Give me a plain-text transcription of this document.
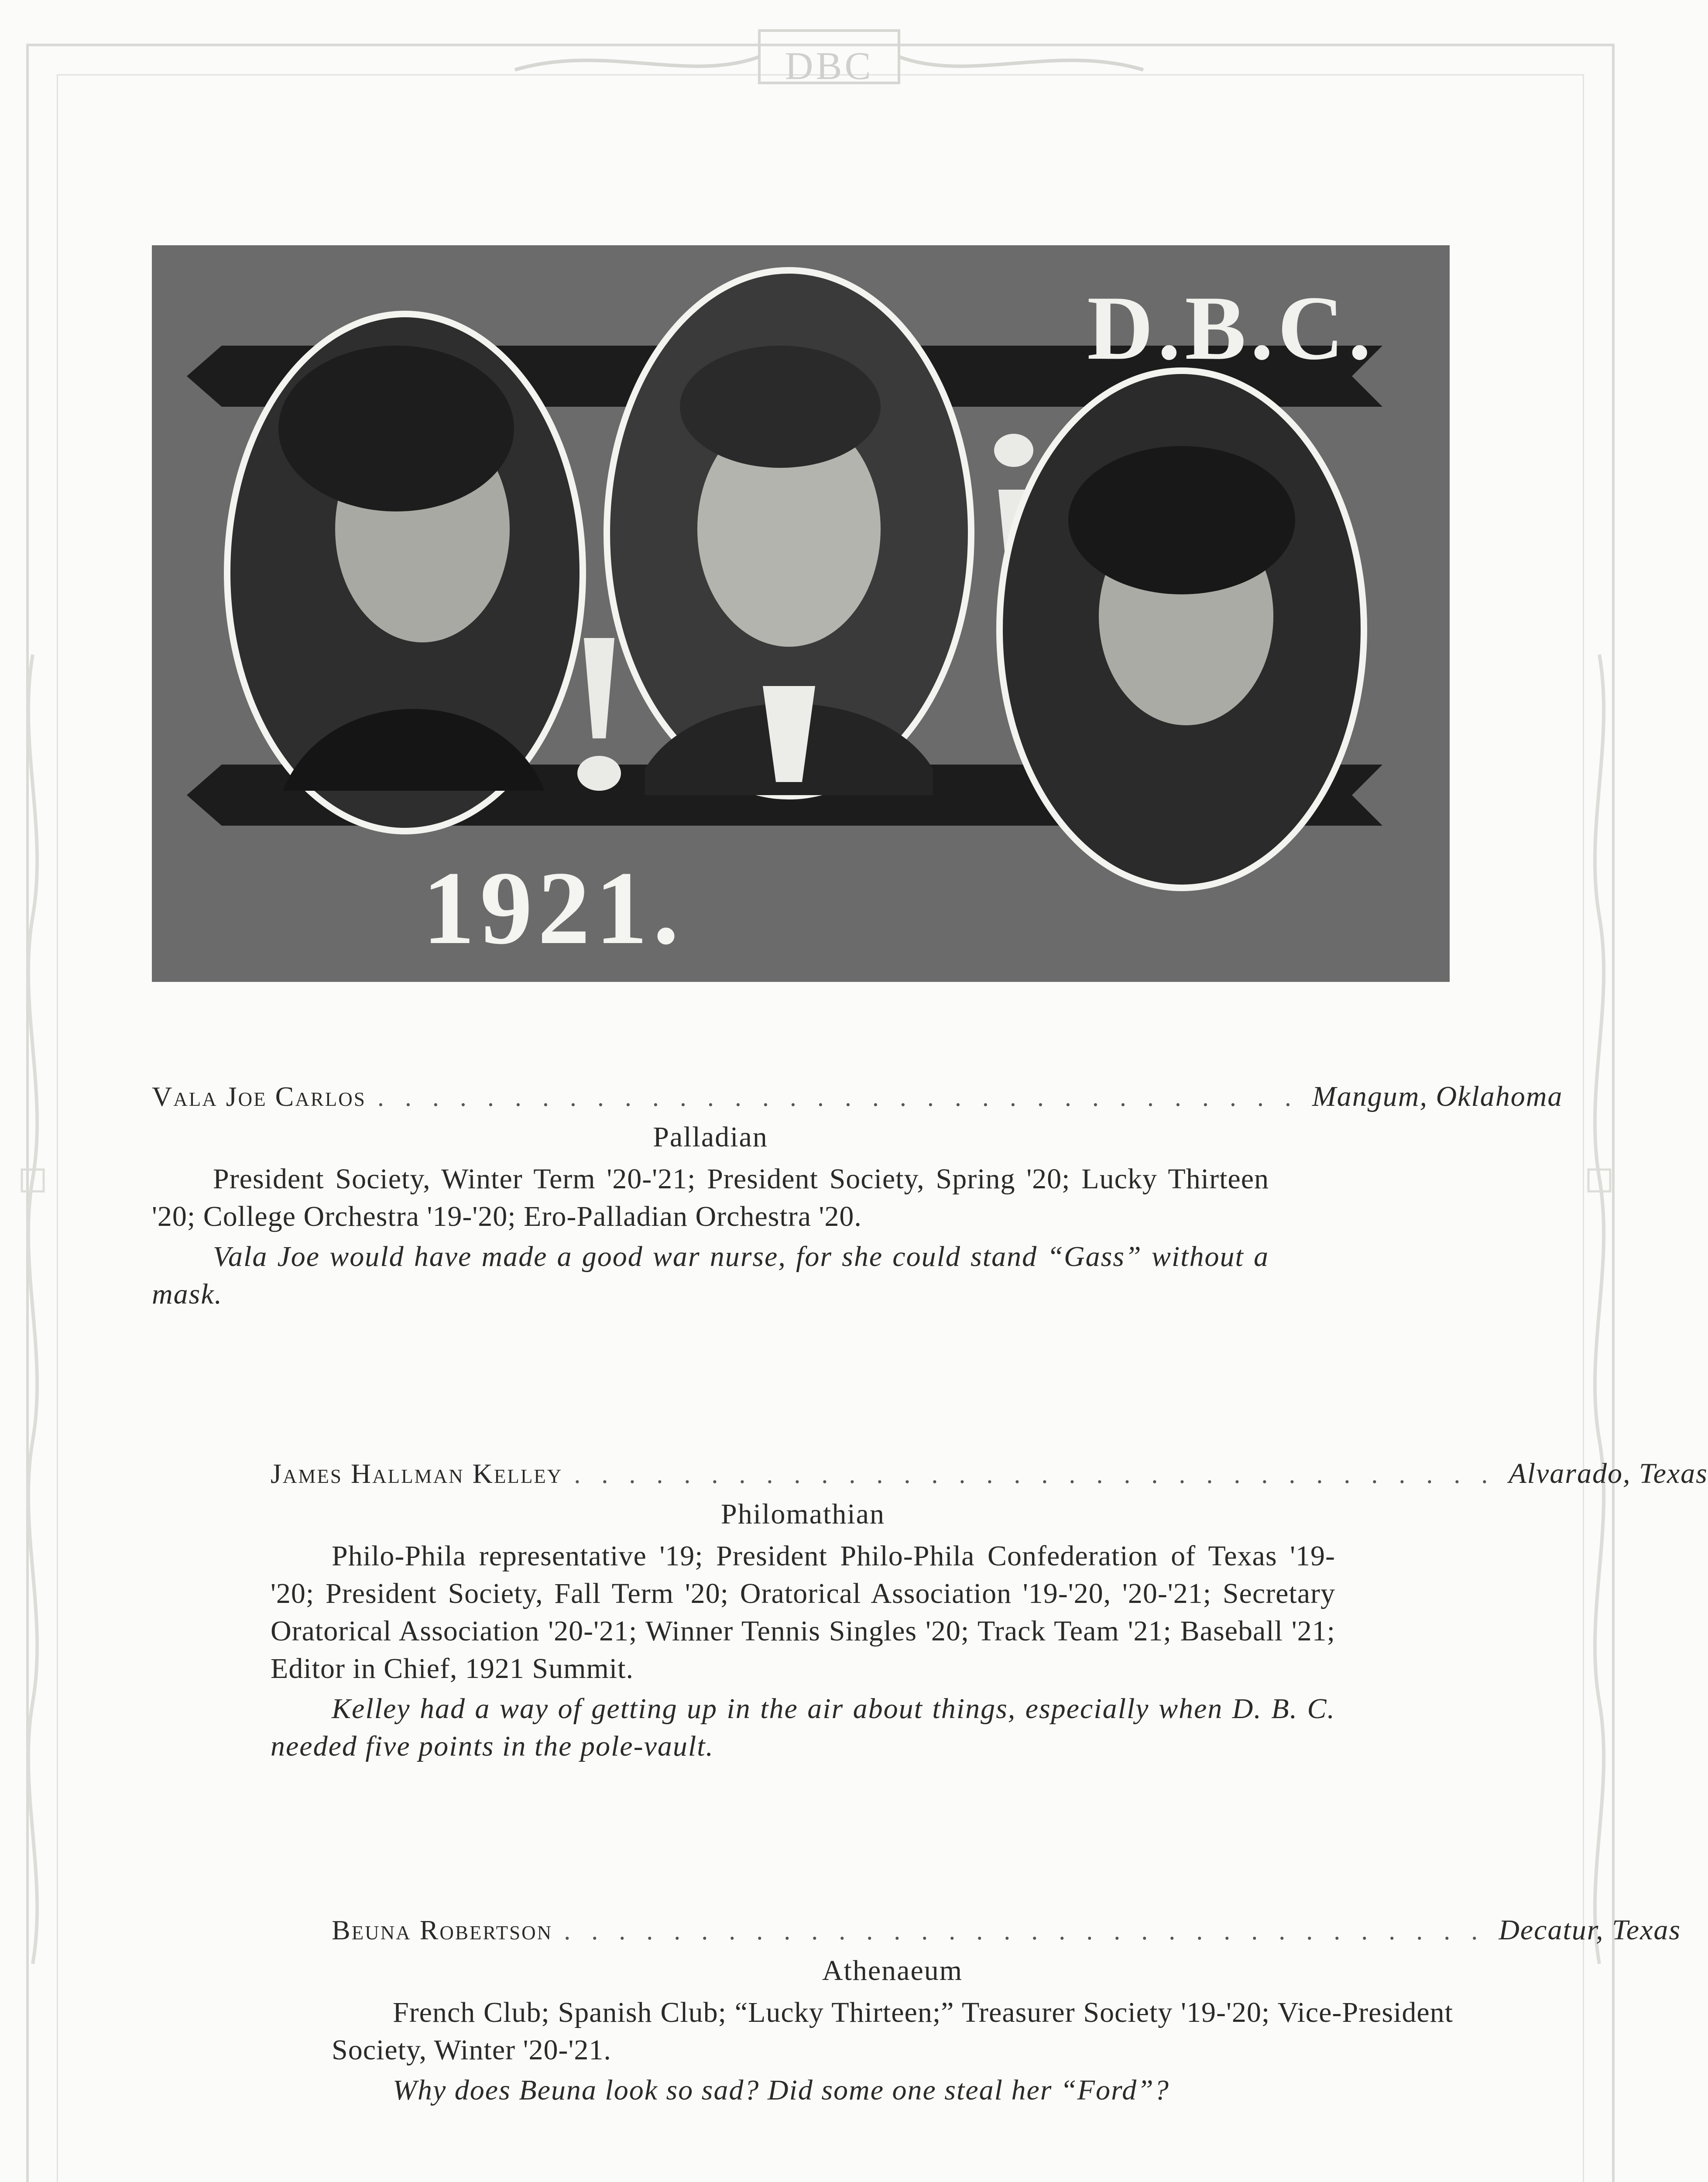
DBC
D.B.C.
1921.
Vala Joe Carlos .................................. Mangum, Oklahoma
Palladian
President Society, Winter Term '20-'21; President Society, Spring '20; Lucky Thirteen '20; College Orchestra '19-'20; Ero-Palladian Orchestra '20.
Vala Joe would have made a good war nurse, for she could stand “Gass” without a mask.
James Hallman Kelley .................................. Alvarado, Texas
Philomathian
Philo-Phila representative '19; President Philo-Phila Confederation of Texas '19-'20; President Society, Fall Term '20; Oratorical Association '19-'20, '20-'21; Secretary Oratorical Association '20-'21; Winner Tennis Singles '20; Track Team '21; Baseball '21; Editor in Chief, 1921 Summit.
Kelley had a way of getting up in the air about things, especially when D. B. C. needed five points in the pole-vault.
Beuna Robertson .................................. Decatur, Texas
Athenaeum
French Club; Spanish Club; “Lucky Thirteen;” Treasurer Society '19-'20; Vice-President Society, Winter '20-'21.
Why does Beuna look so sad? Did some one steal her “Ford”?
